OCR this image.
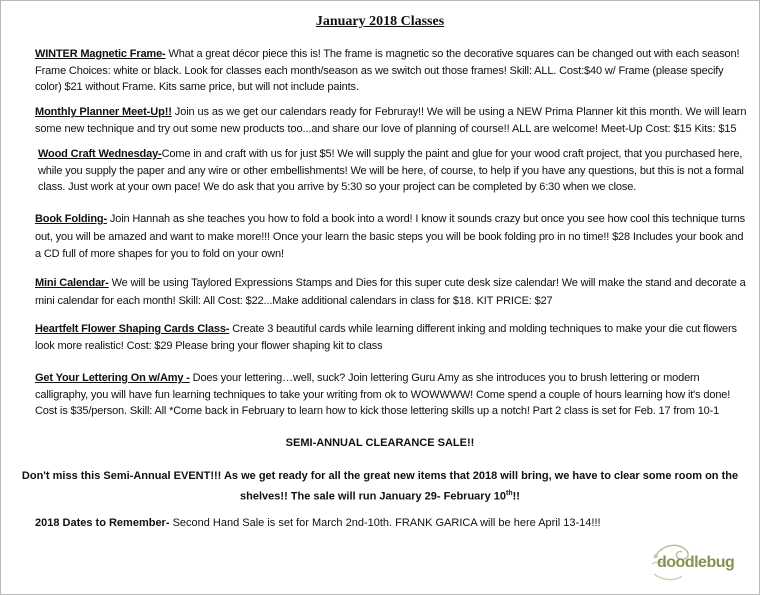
January 2018 Classes
WINTER Magnetic Frame- What a great décor piece this is! The frame is magnetic so the decorative squares can be changed out with each season! Frame Choices: white or black. Look for classes each month/season as we switch out those frames! Skill: ALL. Cost:$40 w/ Frame (please specify color) $21 without Frame. Kits same price, but will not include paints.
Monthly Planner Meet-Up!! Join us as we get our calendars ready for Februray!! We will be using a NEW Prima Planner kit this month. We will learn some new technique and try out some new products too...and share our love of planning of course!! ALL are welcome! Meet-Up Cost: $15 Kits: $15
Wood Craft Wednesday-Come in and craft with us for just $5! We will supply the paint and glue for your wood craft project, that you purchased here, while you supply the paper and any wire or other embellishments! We will be here, of course, to help if you have any questions, but this is not a formal class. Just work at your own pace! We do ask that you arrive by 5:30 so your project can be completed by 6:30 when we close.
Book Folding- Join Hannah as she teaches you how to fold a book into a word! I know it sounds crazy but once you see how cool this technique turns out, you will be amazed and want to make more!!! Once your learn the basic steps you will be book folding pro in no time!! $28 Includes your book and a CD full of more shapes for you to fold on your own!
Mini Calendar- We will be using Taylored Expressions Stamps and Dies for this super cute desk size calendar! We will make the stand and decorate a mini calendar for each month! Skill: All Cost: $22...Make additional calendars in class for $18. KIT PRICE: $27
Heartfelt Flower Shaping Cards Class- Create 3 beautiful cards while learning different inking and molding techniques to make your die cut flowers look more realistic! Cost: $29 Please bring your flower shaping kit to class
Get Your Lettering On w/Amy - Does your lettering…well, suck? Join lettering Guru Amy as she introduces you to brush lettering or modern calligraphy, you will have fun learning techniques to take your writing from ok to WOWWWW! Come spend a couple of hours learning how it's done! Cost is $35/person. Skill: All *Come back in February to learn how to kick those lettering skills up a notch! Part 2 class is set for Feb. 17 from 10-1
SEMI-ANNUAL CLEARANCE SALE!!
Don't miss this Semi-Annual EVENT!!! As we get ready for all the great new items that 2018 will bring, we have to clear some room on the
shelves!! The sale will run January 29- February 10th!!
2018 Dates to Remember- Second Hand Sale is set for March 2nd-10th. FRANK GARICA will be here April 13-14!!!
doodlebug
